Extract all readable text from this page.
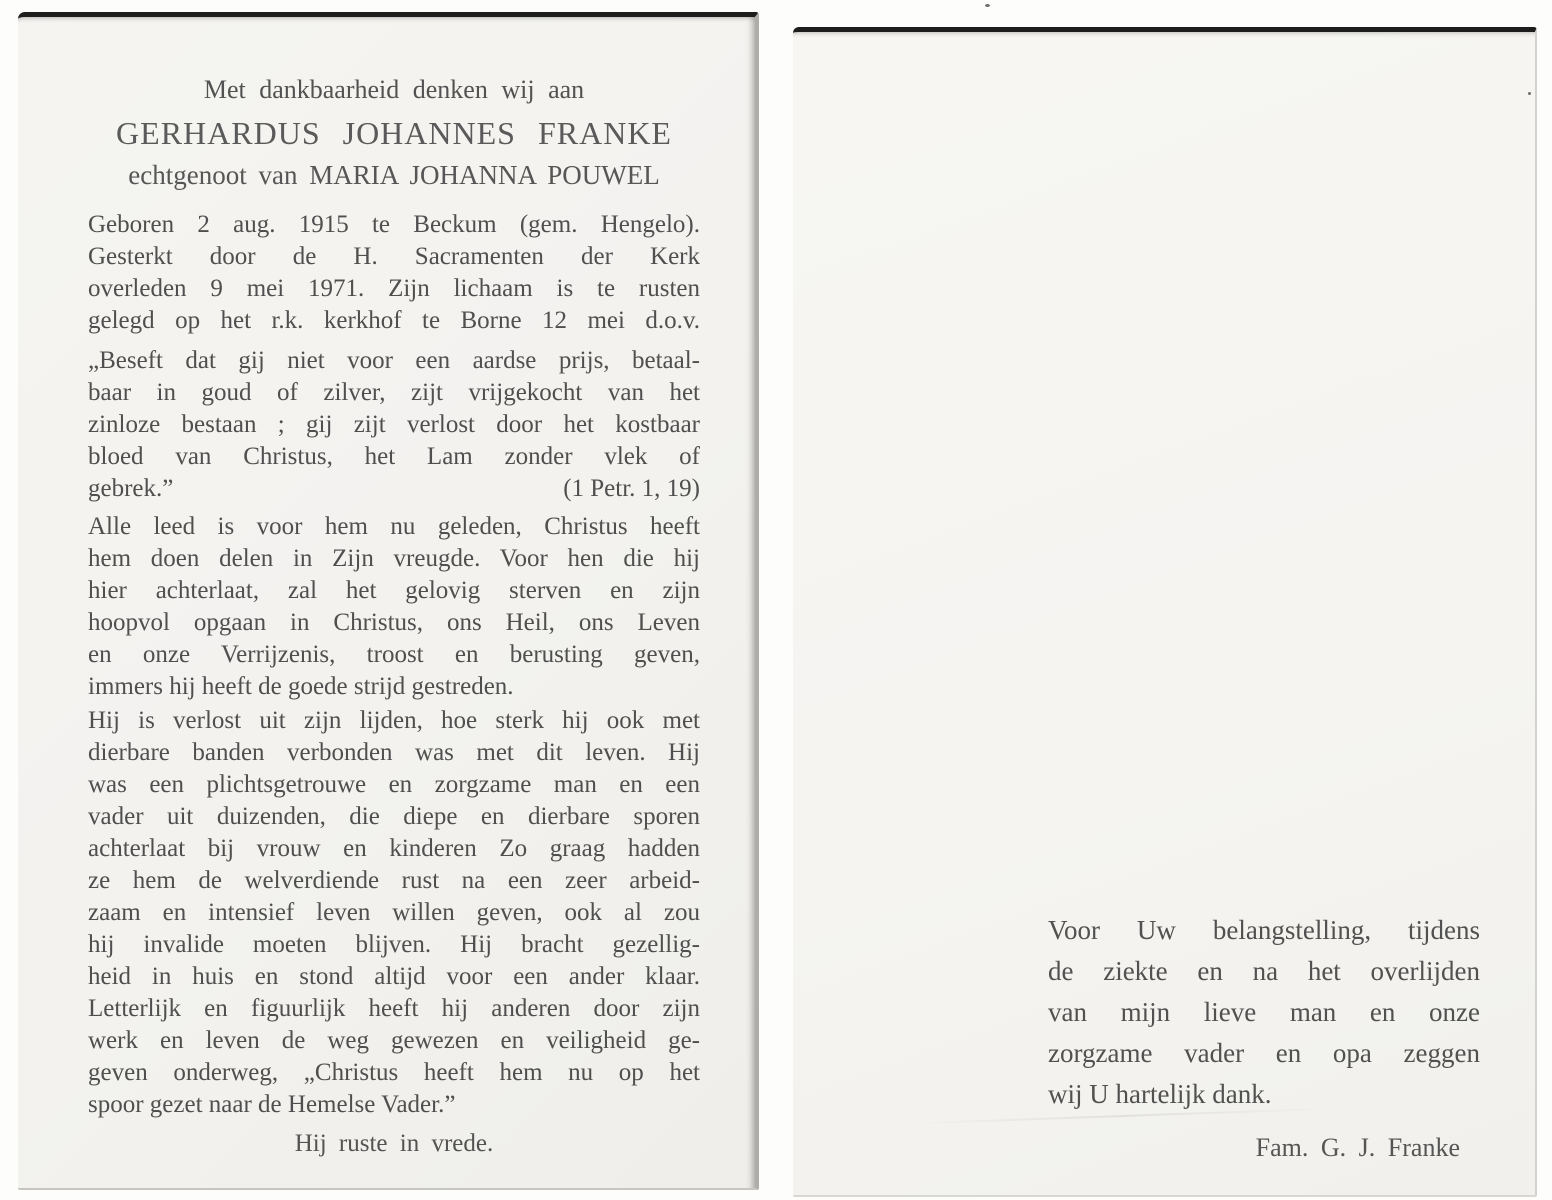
Met dankbaarheid denken wij aan
GERHARDUS JOHANNES FRANKE
echtgenoot van MARIA JOHANNA POUWEL
Geboren 2 aug. 1915 te Beckum (gem. Hengelo).
Gesterkt door de H. Sacramenten der Kerk
overleden 9 mei 1971. Zijn lichaam is te rusten
gelegd op het r.k. kerkhof te Borne 12 mei d.o.v.
„Beseft dat gij niet voor een aardse prijs, betaal-
baar in goud of zilver, zijt vrijgekocht van het
zinloze bestaan ; gij zijt verlost door het kostbaar
bloed van Christus, het Lam zonder vlek of
gebrek.”	(1 Petr. 1, 19)
Alle leed is voor hem nu geleden, Christus heeft
hem doen delen in Zijn vreugde. Voor hen die hij
hier achterlaat, zal het gelovig sterven en zijn
hoopvol opgaan in Christus, ons Heil, ons Leven
en onze Verrijzenis, troost en berusting geven,
immers hij heeft de goede strijd gestreden.
Hij is verlost uit zijn lijden, hoe sterk hij ook met
dierbare banden verbonden was met dit leven. Hij
was een plichtsgetrouwe en zorgzame man en een
vader uit duizenden, die diepe en dierbare sporen
achterlaat bij vrouw en kinderen Zo graag hadden
ze hem de welverdiende rust na een zeer arbeid-
zaam en intensief leven willen geven, ook al zou
hij invalide moeten blijven. Hij bracht gezellig-
heid in huis en stond altijd voor een ander klaar.
Letterlijk en figuurlijk heeft hij anderen door zijn
werk en leven de weg gewezen en veiligheid ge-
geven onderweg, „Christus heeft hem nu op het
spoor gezet naar de Hemelse Vader.”
Hij ruste in vrede.
Voor Uw belangstelling, tijdens
de ziekte en na het overlijden
van mijn lieve man en onze
zorgzame vader en opa zeggen
wij U hartelijk dank.
Fam. G. J. Franke
